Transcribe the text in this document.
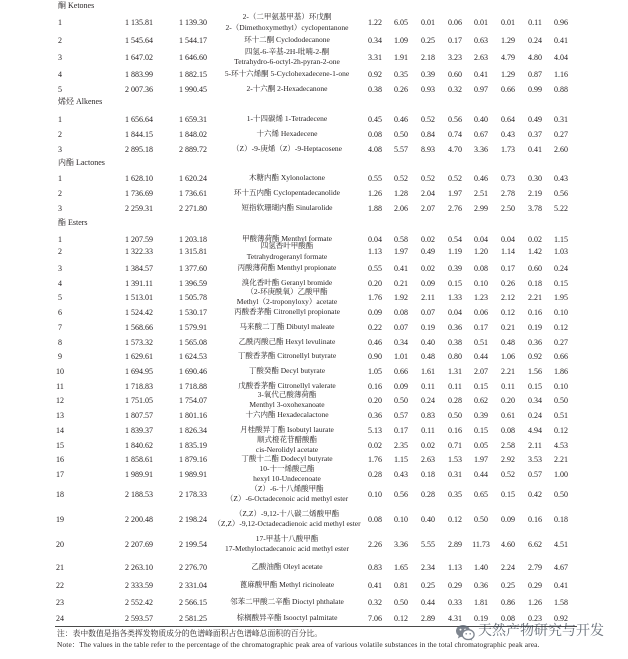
酮 Ketones
1	1 135.81	1 139.30
2-（二甲氨基甲基）环戊酮
2-（Dimethoxymethyl）cyclopentanone	1.22	6.05	0.01	0.06	0.01	0.01	0.11	0.96
2	1 545.64	1 544.17	环十二酮 Cyclododecanone	0.34	1.09	0.25	0.17	0.63	1.29	0.24	0.41
3	1 647.02	1 646.60
四氢-6-辛基-2H-吡喃-2-酮
Tetrahydro-6-octyl-2h-pyran-2-one	3.31	1.91	2.18	3.23	2.63	4.79	4.80	4.04
4	1 883.99	1 882.15	5-环十六烯酮 5-Cyclohexadecene-1-one	0.92	0.35	0.39	0.60	0.41	1.29	0.87	1.16
5	2 007.36	1 990.45	2-十六酮 2-Hexadecanone	0.38	0.26	0.93	0.32	0.97	0.66	0.99	0.88
烯烃 Alkenes
1	1 656.64	1 659.31	1-十四碳烯 1-Tetradecene	0.45	0.46	0.52	0.56	0.40	0.64	0.49	0.31
2	1 844.15	1 848.02	十六烯 Hexadecene	0.08	0.50	0.84	0.74	0.67	0.43	0.37	0.27
3	2 895.18	2 889.72	（Z）-9-庚烯（Z）-9-Heptacosene	4.08	5.57	8.93	4.70	3.36	1.73	0.41	2.60
内酯 Lactones
1	1 628.10	1 620.24	木糖内酯 Xylonolactone	0.55	0.52	0.52	0.52	0.46	0.73	0.30	0.43
2	1 736.69	1 736.61	环十五内酯 Cyclopentadecanolide	1.26	1.28	2.04	1.97	2.51	2.78	2.19	0.56
3	2 259.31	2 271.80	短指软珊瑚内酯 Sinularolide	1.88	2.06	2.07	2.76	2.99	2.50	3.78	5.22
酯 Esters
1	1 207.59	1 203.18	甲酸薄荷酯 Menthyl formate	0.04	0.58	0.02	0.54	0.04	0.04	0.02	1.15
2	1 322.33	1 315.81
四氢香叶甲酸酯
Tetrahydrogeranyl formate	1.13	1.97	0.49	1.19	1.20	1.14	1.42	1.03
3	1 384.57	1 377.60	丙酸薄荷酯 Menthyl propionate	0.55	0.41	0.02	0.39	0.08	0.17	0.60	0.24
4	1 391.11	1 396.59	溴化香叶酯 Geranyl bromide	0.20	0.21	0.09	0.15	0.10	0.26	0.18	0.15
5	1 513.01	1 505.78
（2-环庚酰氧）乙酸甲酯
Methyl（2-troponyloxy）acetate	1.76	1.92	2.11	1.33	1.23	2.12	2.21	1.95
6	1 524.42	1 530.17	丙酸香茅酯 Citronellyl propionate	0.09	0.08	0.07	0.04	0.06	0.12	0.16	0.10
7	1 568.66	1 579.91	马来酸二丁酯 Dibutyl maleate	0.22	0.07	0.19	0.36	0.17	0.21	0.19	0.12
8	1 573.32	1 565.08	乙酰丙酸己酯 Hexyl levulinate	0.46	0.34	0.40	0.38	0.51	0.48	0.36	0.27
9	1 629.61	1 624.53	丁酸香茅酯 Citronellyl butyrate	0.90	1.01	0.48	0.80	0.44	1.06	0.92	0.66
10	1 694.95	1 690.46	丁酸癸酯 Decyl butyrate	1.05	0.66	1.61	1.31	2.07	2.21	1.56	1.86
11	1 718.83	1 718.88	戊酸香茅酯 Citronellyl valerate	0.16	0.09	0.11	0.11	0.15	0.11	0.15	0.10
12	1 751.05	1 754.07
3-氧代己酸薄荷酯
Menthyl 3-oxohexanoate	0.20	0.50	0.24	0.28	0.62	0.20	0.34	0.50
13	1 807.57	1 801.16	十六内酯 Hexadecalactone	0.36	0.57	0.83	0.50	0.39	0.61	0.24	0.51
14	1 839.37	1 826.34	月桂酸异丁酯 Isobutyl laurate	5.13	0.17	0.11	0.16	0.15	0.08	4.94	0.12
15	1 840.62	1 835.19
顺式橙花苷醋酸酯
cis-Nerolidyl acetate	0.02	2.35	0.02	0.71	0.05	2.58	2.11	4.53
16	1 858.61	1 879.16	丁酸十二酯 Dodecyl butyrate	1.76	1.15	2.63	1.53	1.97	2.92	3.53	2.21
17	1 989.91	1 989.91
10-十一烯酸己酯
hexyl 10-Undecenoate	0.28	0.43	0.18	0.31	0.44	0.52	0.57	1.00
18	2 188.53	2 178.33
（Z）-6-十八烯酸甲酯
（Z）-6-Octadecenoic acid methyl ester	0.10	0.56	0.28	0.35	0.65	0.15	0.42	0.50
19	2 200.48	2 198.24
（Z,Z）-9,12-十八碳二烯酸甲酯
（Z,Z）-9,12-Octadecadienoic acid methyl ester 0.08	0.10	0.40	0.12	0.50	0.09	0.16	0.18
20	2 207.69	2 199.54
17-甲基十八酸甲酯
17-Methyloctadecanoic acid methyl ester	2.26	3.36	5.55	2.89	11.73	4.60	6.62	4.51
21	2 263.10	2 276.70	乙酸油酯 Oleyl acetate	0.83	1.65	2.34	1.13	1.40	2.24	2.79	4.67
22	2 333.59	2 331.04	蓖麻酸甲酯 Methyl ricinoleate	0.41	0.81	0.25	0.29	0.36	0.25	0.29	0.41
23	2 552.42	2 566.15	邻苯二甲酸二辛酯 Dioctyl phthalate	0.32	0.50	0.44	0.33	1.81	0.86	1.26	1.58
24	2 593.57	2 581.25	棕榈酸异辛酯 Isooctyl palmitate	7.06	0.12	2.89	4.31	0.19	0.08	0.23	0.92
注：表中数值是指各类挥发物质成分的色谱峰面积占色谱峰总面积的百分比。
Note：The values in the table refer to the percentage of the chromatographic peak area of various volatile substances in the total chromatographic peak area.
天然产物研究与开发
